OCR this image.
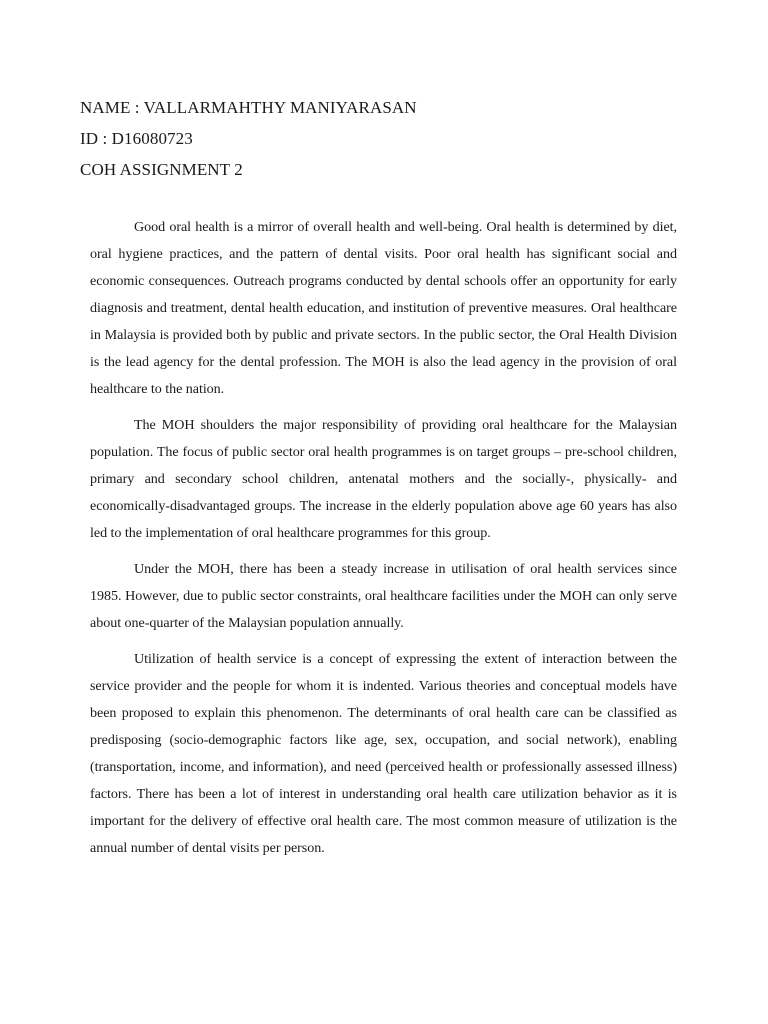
NAME : VALLARMAHTHY MANIYARASAN
ID : D16080723
COH ASSIGNMENT 2

Good oral health is a mirror of overall health and well-being. Oral health is determined by diet, oral hygiene practices, and the pattern of dental visits. Poor oral health has significant social and economic consequences. Outreach programs conducted by dental schools offer an opportunity for early diagnosis and treatment, dental health education, and institution of preventive measures. Oral healthcare in Malaysia is provided both by public and private sectors. In the public sector, the Oral Health Division is the lead agency for the dental profession. The MOH is also the lead agency in the provision of oral healthcare to the nation.

The MOH shoulders the major responsibility of providing oral healthcare for the Malaysian population. The focus of public sector oral health programmes is on target groups – pre-school children, primary and secondary school children, antenatal mothers and the socially-, physically- and economically-disadvantaged groups. The increase in the elderly population above age 60 years has also led to the implementation of oral healthcare programmes for this group.

Under the MOH, there has been a steady increase in utilisation of oral health services since 1985. However, due to public sector constraints, oral healthcare facilities under the MOH can only serve about one-quarter of the Malaysian population annually.

Utilization of health service is a concept of expressing the extent of interaction between the service provider and the people for whom it is indented. Various theories and conceptual models have been proposed to explain this phenomenon. The determinants of oral health care can be classified as predisposing (socio-demographic factors like age, sex, occupation, and social network), enabling (transportation, income, and information), and need (perceived health or professionally assessed illness) factors. There has been a lot of interest in understanding oral health care utilization behavior as it is important for the delivery of effective oral health care. The most common measure of utilization is the annual number of dental visits per person.
